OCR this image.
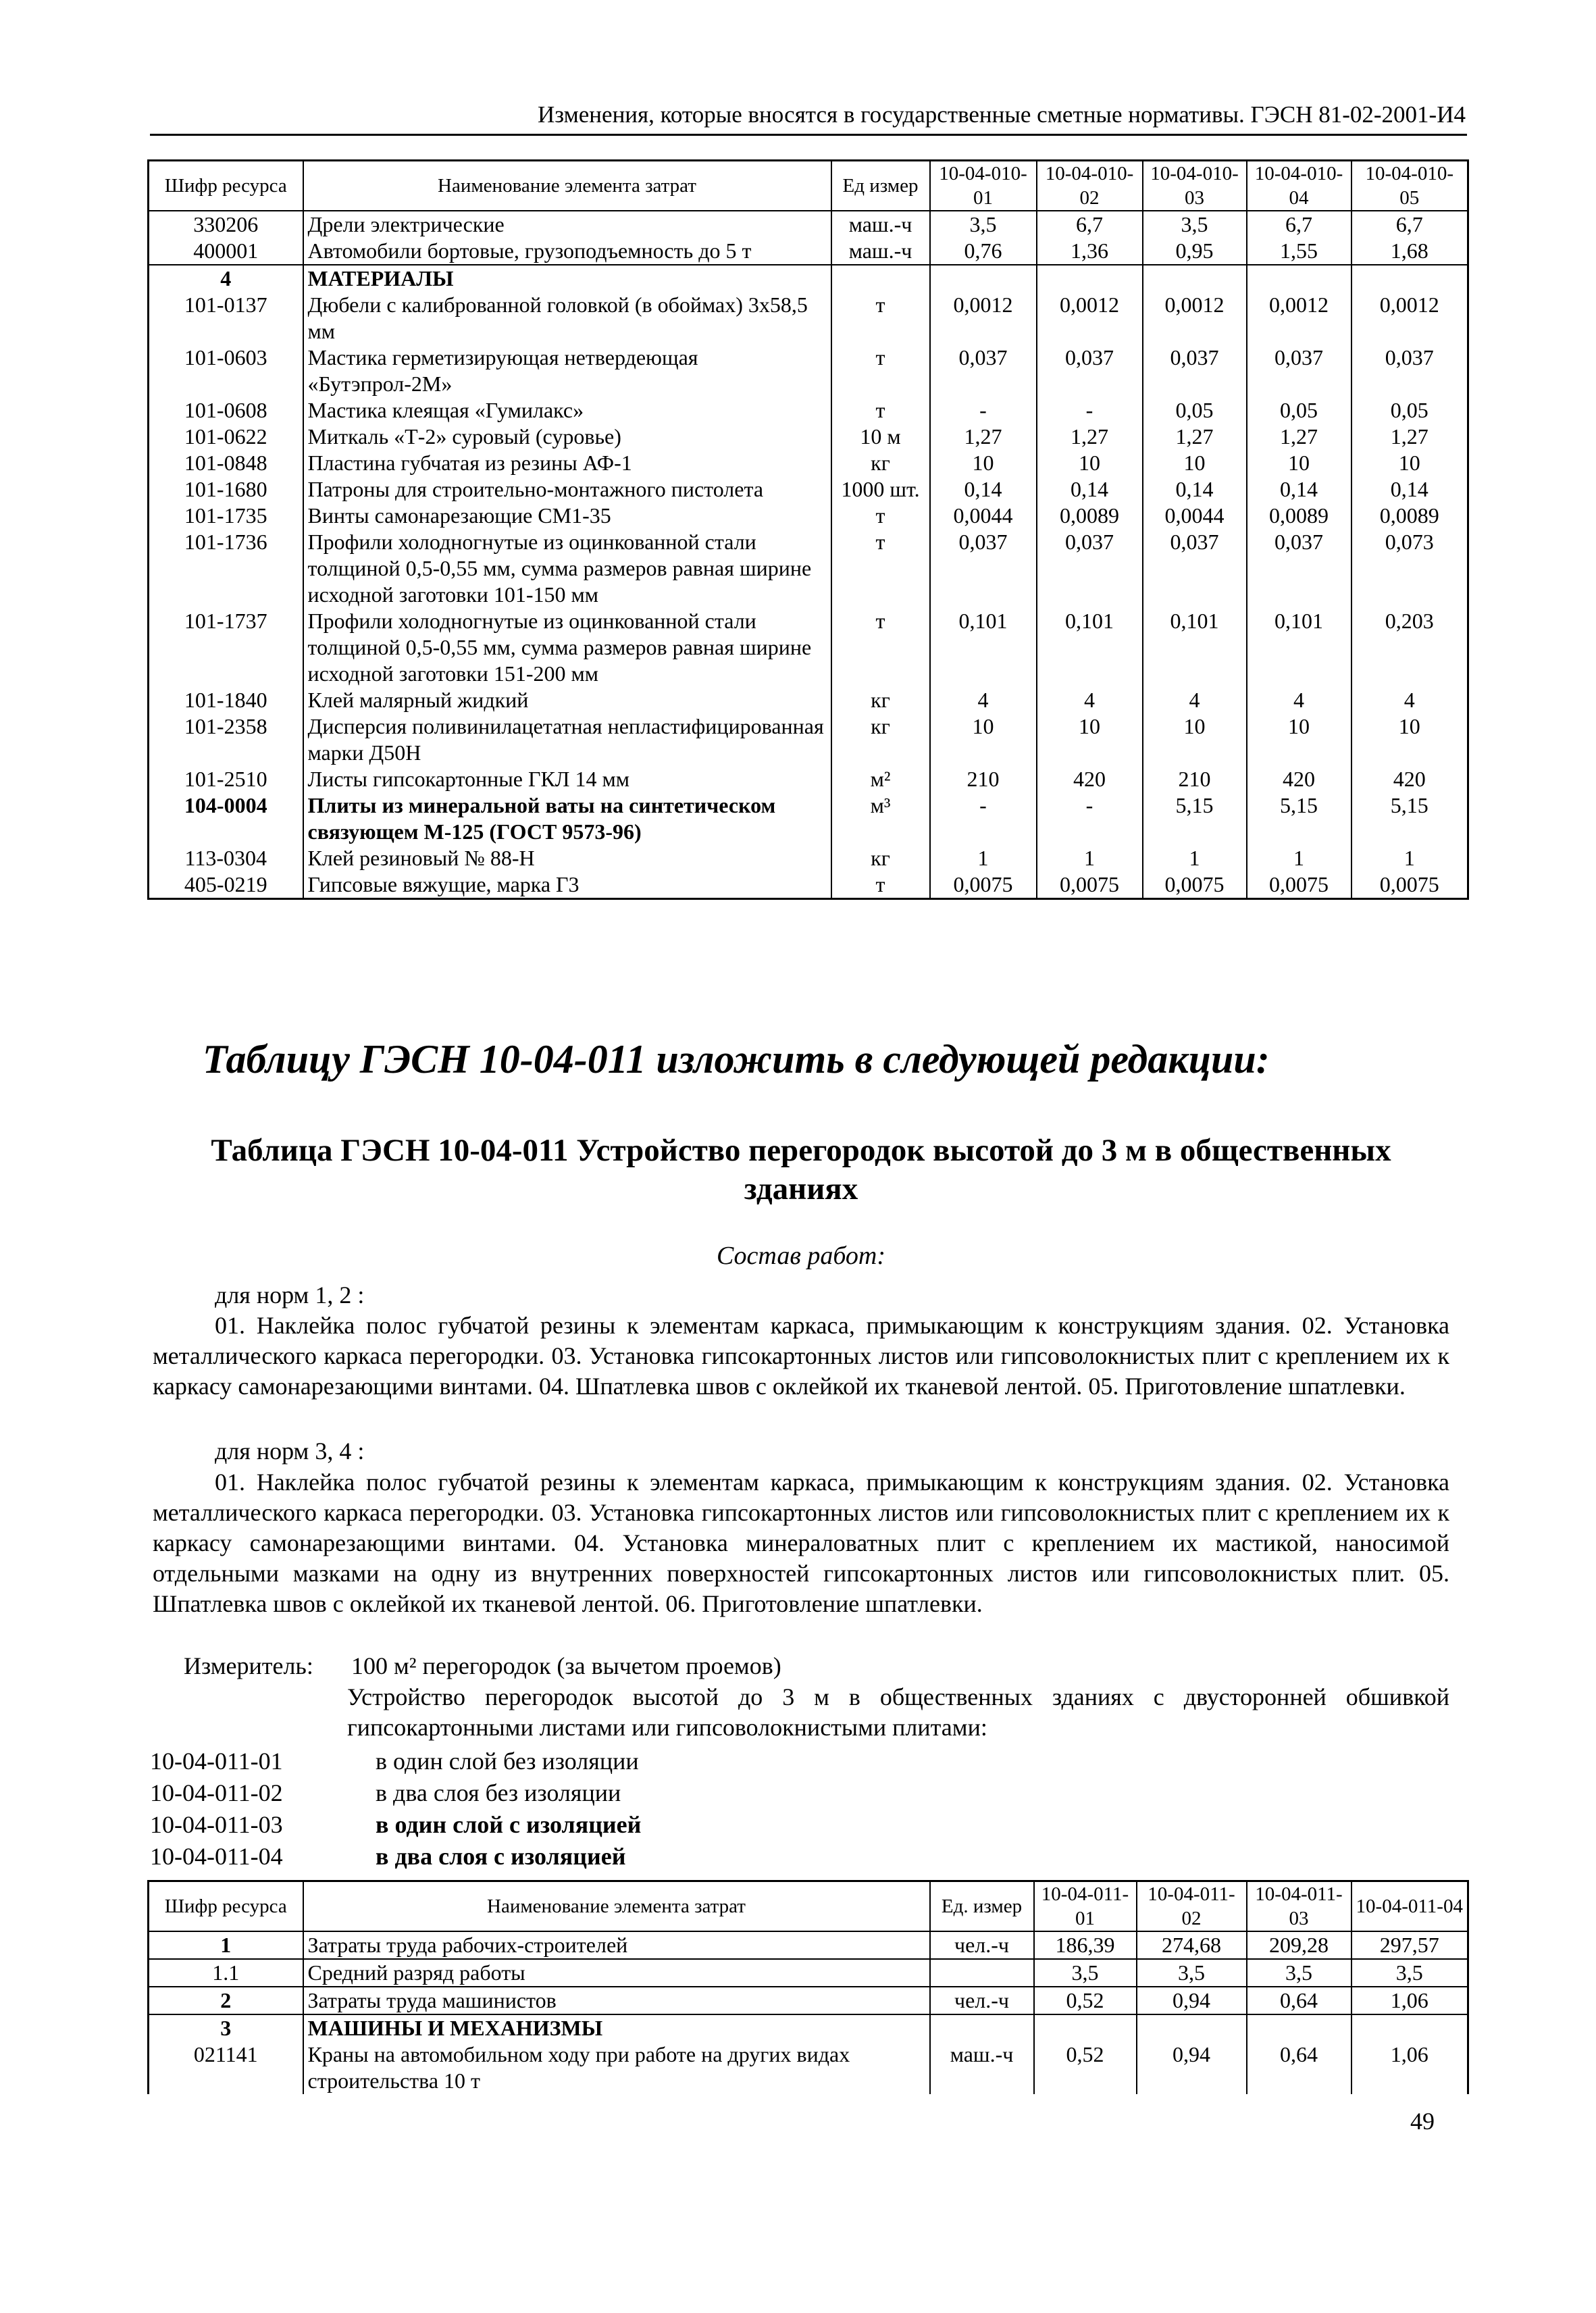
Изменения, которые вносятся в государственные сметные нормативы. ГЭСН 81-02-2001-И4
Шифр ресурса	Наименование элемента затрат	Ед измер	10-04-010-01	10-04-010-02	10-04-010-03	10-04-010-04	10-04-010-05
330206	Дрели электрические	маш.-ч	3,5	6,7	3,5	6,7	6,7
400001	Автомобили бортовые, грузоподъемность до 5 т	маш.-ч	0,76	1,36	0,95	1,55	1,68
4	МАТЕРИАЛЫ						
101-0137	Дюбели с калиброванной головкой (в обоймах) 3х58,5 мм	т	0,0012	0,0012	0,0012	0,0012	0,0012
101-0603	Мастика герметизирующая нетвердеющая «Бутэпрол-2М»	т	0,037	0,037	0,037	0,037	0,037
101-0608	Мастика клеящая «Гумилакс»	т	-	-	0,05	0,05	0,05
101-0622	Миткаль «Т-2» суровый (суровье)	10 м	1,27	1,27	1,27	1,27	1,27
101-0848	Пластина губчатая из резины АФ-1	кг	10	10	10	10	10
101-1680	Патроны для строительно-монтажного пистолета	1000 шт.	0,14	0,14	0,14	0,14	0,14
101-1735	Винты самонарезающие СМ1-35	т	0,0044	0,0089	0,0044	0,0089	0,0089
101-1736	Профили холодногнутые из оцинкованной стали толщиной 0,5-0,55 мм, сумма размеров равная ширине исходной заготовки 101-150 мм	т	0,037	0,037	0,037	0,037	0,073
101-1737	Профили холодногнутые из оцинкованной стали толщиной 0,5-0,55 мм, сумма размеров равная ширине исходной заготовки 151-200 мм	т	0,101	0,101	0,101	0,101	0,203
101-1840	Клей малярный жидкий	кг	4	4	4	4	4
101-2358	Дисперсия поливинилацетатная непластифицированная марки Д50Н	кг	10	10	10	10	10
101-2510	Листы гипсокартонные ГКЛ 14 мм	м²	210	420	210	420	420
104-0004	Плиты из минеральной ваты на синтетическом связующем М-125 (ГОСТ 9573-96)	м³	-	-	5,15	5,15	5,15
113-0304	Клей резиновый № 88-Н	кг	1	1	1	1	1
405-0219	Гипсовые вяжущие, марка Г3	т	0,0075	0,0075	0,0075	0,0075	0,0075
Таблицу ГЭСН 10-04-011 изложить в следующей редакции:
Таблица ГЭСН 10-04-011 Устройство перегородок высотой до 3 м в общественных зданиях
Состав работ:
для норм 1, 2 :
01. Наклейка полос губчатой резины к элементам каркаса, примыкающим к конструкциям здания. 02. Установка металлического каркаса перегородки. 03. Установка гипсокартонных листов или гипсоволокнистых плит с креплением их к каркасу самонарезающими винтами. 04. Шпатлевка швов с оклейкой их тканевой лентой. 05. Приготовление шпатлевки.
для норм 3, 4 :
01. Наклейка полос губчатой резины к элементам каркаса, примыкающим к конструкциям здания. 02. Установка металлического каркаса перегородки. 03. Установка гипсокартонных листов или гипсоволокнистых плит с креплением их к каркасу самонарезающими винтами. 04. Установка минераловатных плит с креплением их мастикой, наносимой отдельными мазками на одну из внутренних поверхностей гипсокартонных листов или гипсоволокнистых плит. 05. Шпатлевка швов с оклейкой их тканевой лентой. 06. Приготовление шпатлевки.
Измеритель: 100 м² перегородок (за вычетом проемов)
Устройство перегородок высотой до 3 м в общественных зданиях с двусторонней обшивкой гипсокартонными листами или гипсоволокнистыми плитами:
10-04-011-01	в один слой без изоляции
10-04-011-02	в два слоя без изоляции
10-04-011-03	в один слой с изоляцией
10-04-011-04	в два слоя с изоляцией
Шифр ресурса	Наименование элемента затрат	Ед. измер	10-04-011-01	10-04-011-02	10-04-011-03	10-04-011-04
1	Затраты труда рабочих-строителей	чел.-ч	186,39	274,68	209,28	297,57
1.1	Средний разряд работы		3,5	3,5	3,5	3,5
2	Затраты труда машинистов	чел.-ч	0,52	0,94	0,64	1,06
3	МАШИНЫ И МЕХАНИЗМЫ					
021141	Краны на автомобильном ходу при работе на других видах строительства 10 т	маш.-ч	0,52	0,94	0,64	1,06
49
